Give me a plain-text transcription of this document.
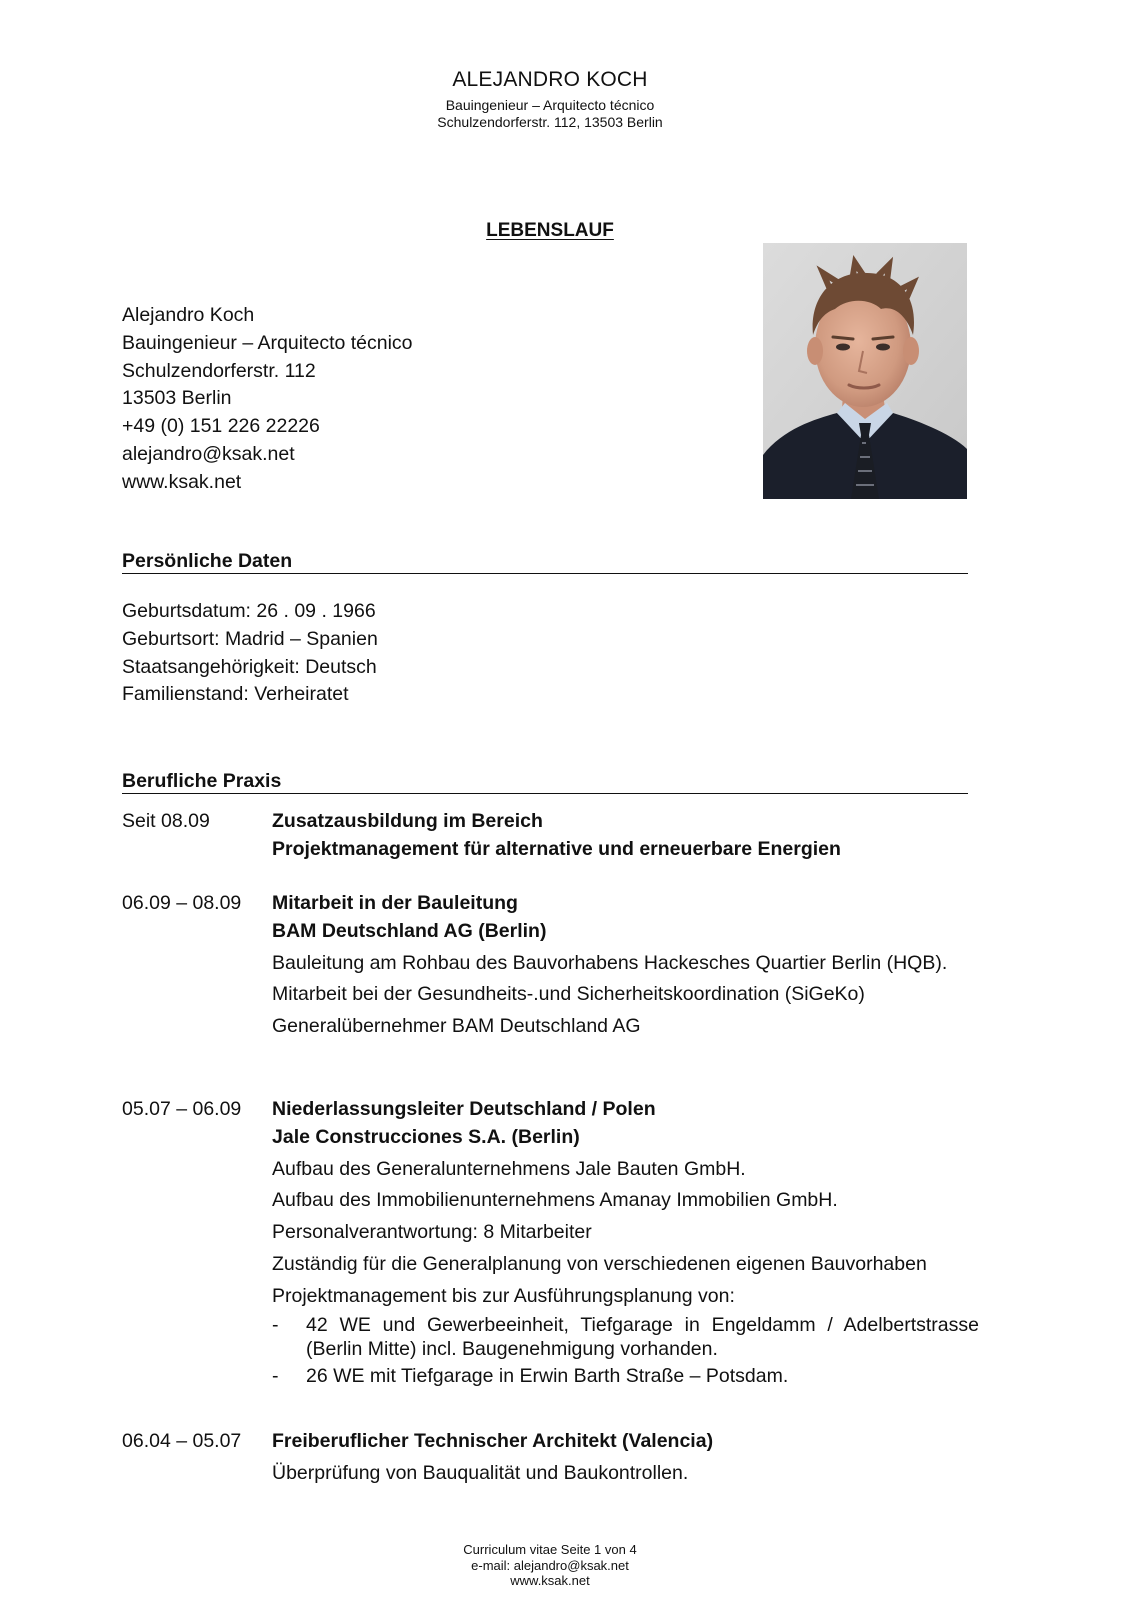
ALEJANDRO KOCH
Bauingenieur – Arquitecto técnico
Schulzendorferstr. 112, 13503 Berlin
LEBENSLAUF
Alejandro Koch
Bauingenieur – Arquitecto técnico
Schulzendorferstr. 112
13503 Berlin
+49 (0) 151 226 22226
alejandro@ksak.net
www.ksak.net
Persönliche Daten
Geburtsdatum: 26 . 09 . 1966
Geburtsort: Madrid – Spanien
Staatsangehörigkeit: Deutsch
Familienstand: Verheiratet
Berufliche Praxis
Seit 08.09	Zusatzausbildung im Bereich
Projektmanagement für alternative und erneuerbare Energien
06.09 – 08.09 Mitarbeit in der Bauleitung
BAM Deutschland AG (Berlin)
Bauleitung am Rohbau des Bauvorhabens Hackesches Quartier Berlin (HQB).
Mitarbeit bei der Gesundheits-.und Sicherheitskoordination (SiGeKo)
Generalübernehmer BAM Deutschland AG
05.07 – 06.09 Niederlassungsleiter Deutschland / Polen
Jale Construcciones S.A. (Berlin)
Aufbau des Generalunternehmens Jale Bauten GmbH.
Aufbau des Immobilienunternehmens Amanay Immobilien GmbH.
Personalverantwortung: 8 Mitarbeiter
Zuständig für die Generalplanung von verschiedenen eigenen Bauvorhaben
Projektmanagement bis zur Ausführungsplanung von:
-	42 WE und Gewerbeeinheit, Tiefgarage in Engeldamm / Adelbertstrasse (Berlin Mitte) incl. Baugenehmigung vorhanden.
-	26 WE mit Tiefgarage in Erwin Barth Straße – Potsdam.
06.04 – 05.07 Freiberuflicher Technischer Architekt (Valencia)
Überprüfung von Bauqualität und Baukontrollen.
Curriculum vitae Seite 1 von 4
e-mail: alejandro@ksak.net
www.ksak.net
